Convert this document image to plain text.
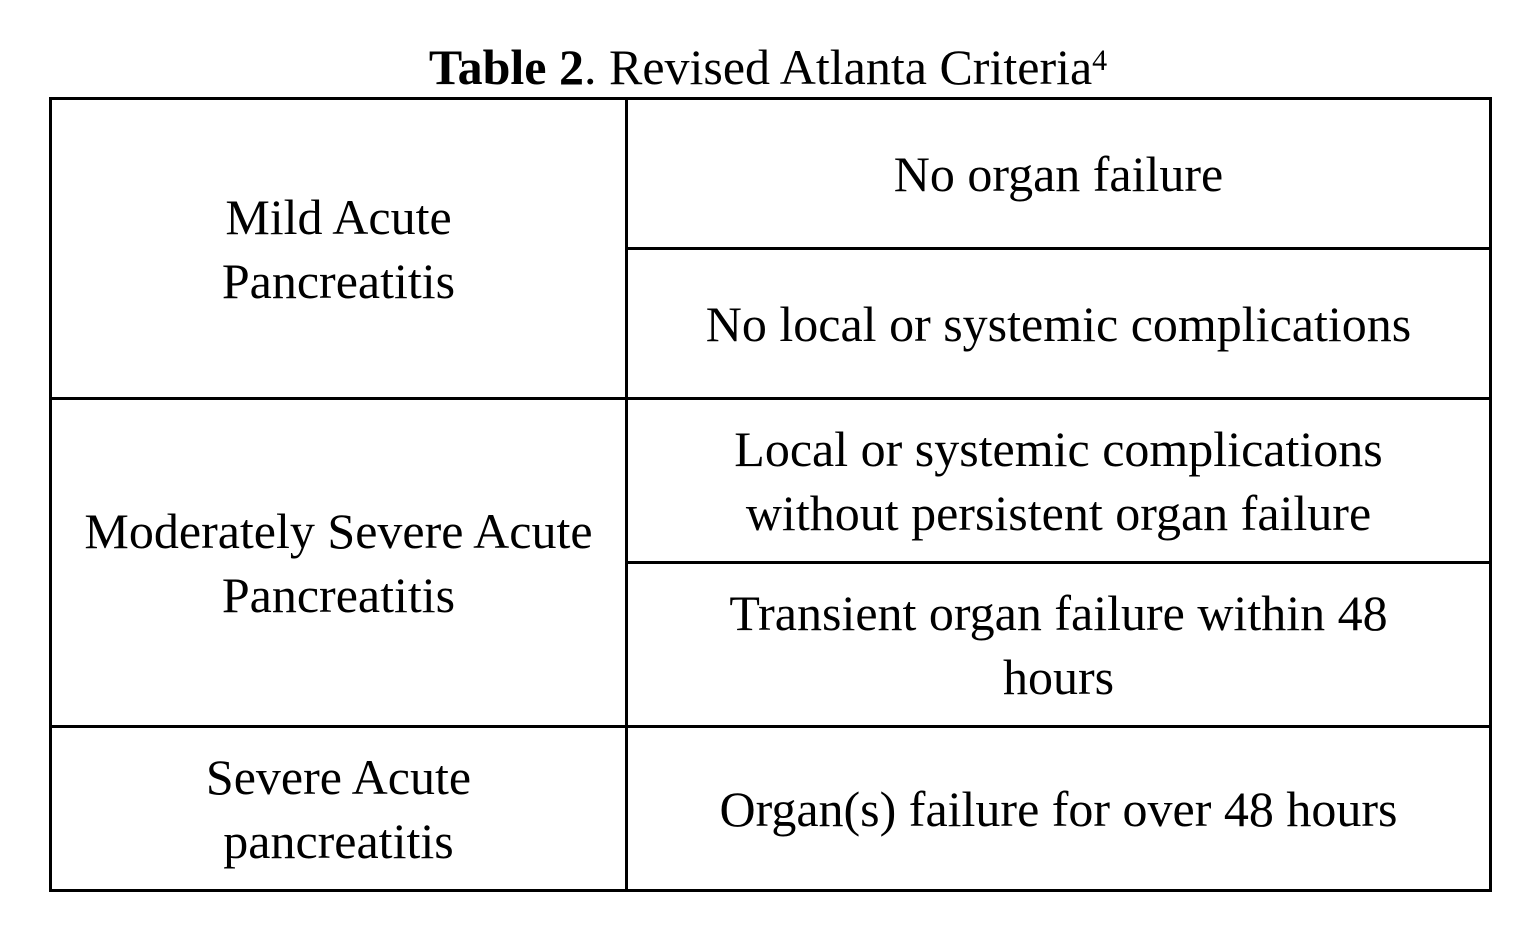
Table 2. Revised Atlanta Criteria$^4$
Mild Acute Pancreatitis	No organ failure
	No local or systemic complications
Moderately Severe Acute Pancreatitis	Local or systemic complications without persistent organ failure
	Transient organ failure within 48 hours
Severe Acute pancreatitis	Organ(s) failure for over 48 hours
